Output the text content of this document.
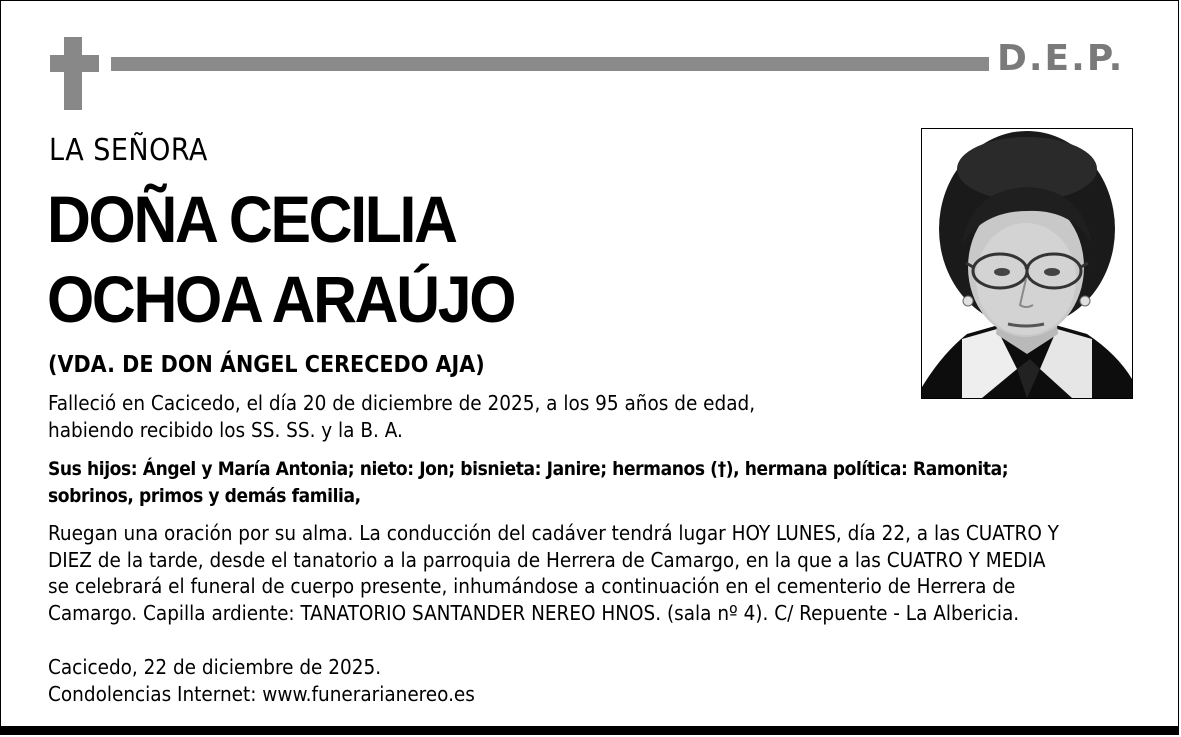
D.E.P.
LA SEÑORA
DOÑA CECILIA
OCHOA ARAÚJO
(VDA. DE DON ÁNGEL CERECEDO AJA)
Falleció en Cacicedo, el día 20 de diciembre de 2025, a los 95 años de edad,
habiendo recibido los SS. SS. y la B. A.
Sus hijos: Ángel y María Antonia; nieto: Jon; bisnieta: Janire; hermanos (†), hermana política: Ramonita;
sobrinos, primos y demás familia,
Ruegan una oración por su alma. La conducción del cadáver tendrá lugar HOY LUNES, día 22, a las CUATRO Y
DIEZ de la tarde, desde el tanatorio a la parroquia de Herrera de Camargo, en la que a las CUATRO Y MEDIA
se celebrará el funeral de cuerpo presente, inhumándose a continuación en el cementerio de Herrera de
Camargo. Capilla ardiente: TANATORIO SANTANDER NEREO HNOS. (sala nº 4). C/ Repuente - La Albericia.
Cacicedo, 22 de diciembre de 2025.
Condolencias Internet: www.funerarianereo.es
